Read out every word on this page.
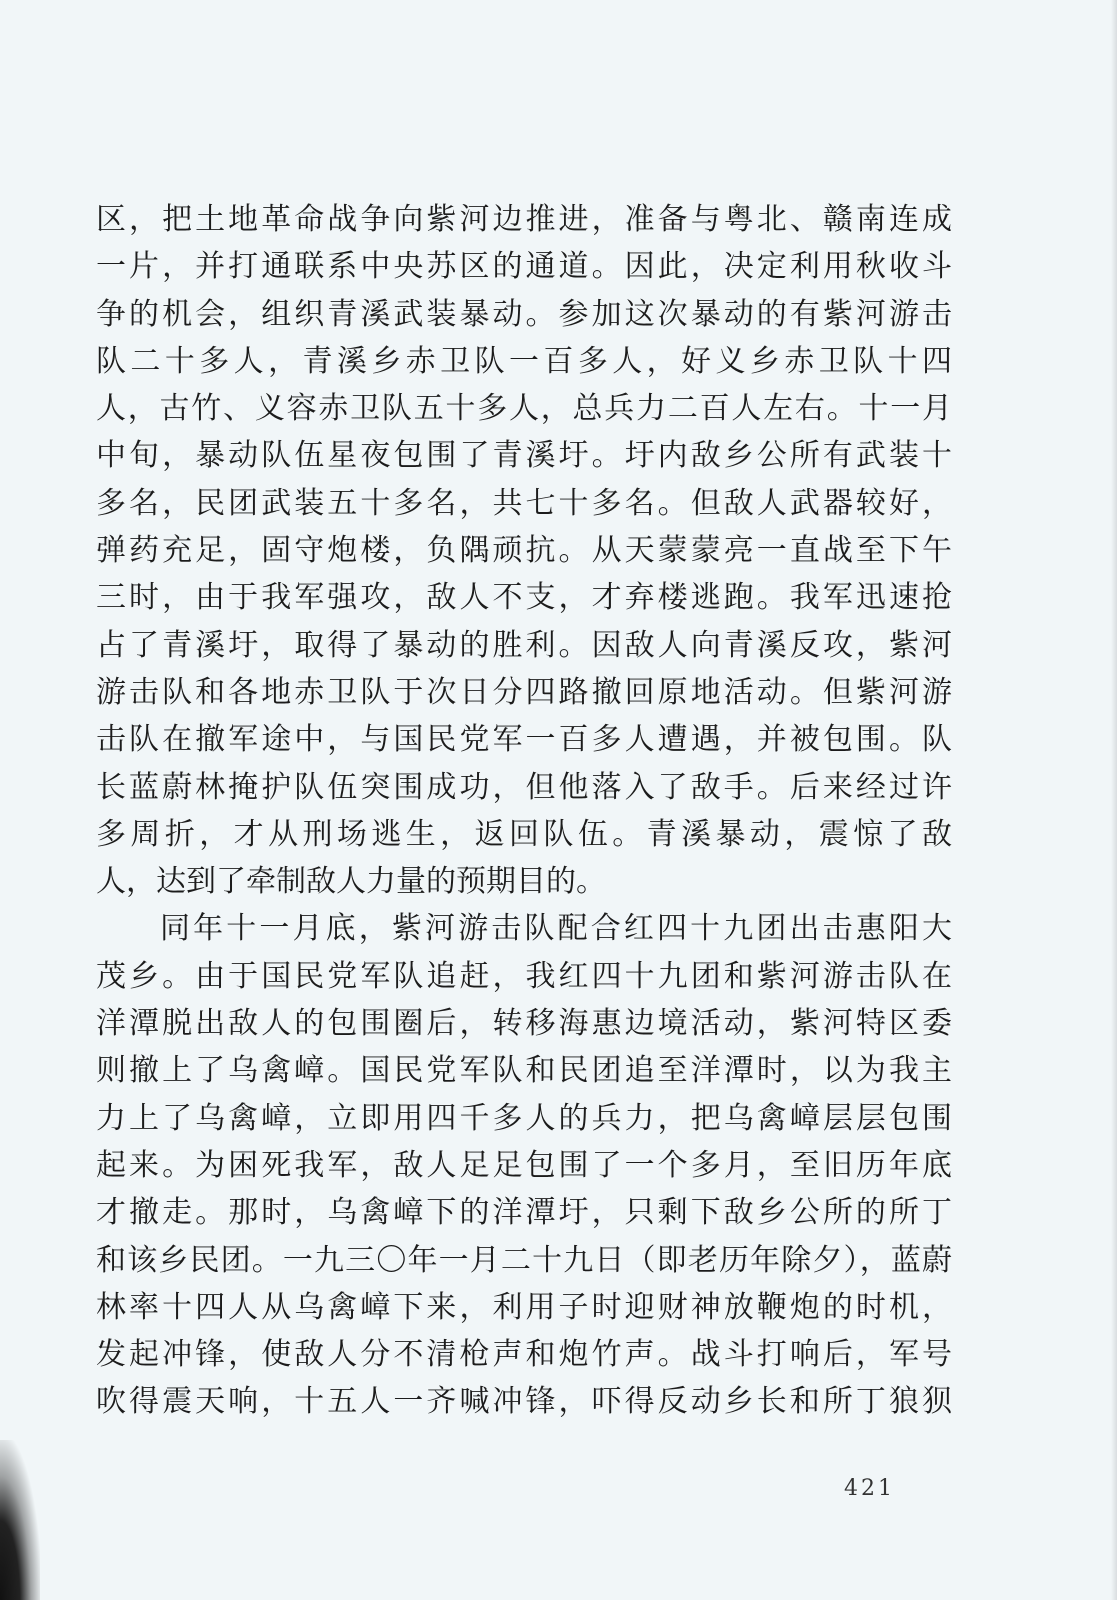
区，把土地革命战争向紫河边推进，准备与粤北、赣南连成
一片，并打通联系中央苏区的通道。因此，决定利用秋收斗
争的机会，组织青溪武装暴动。参加这次暴动的有紫河游击
队二十多人，青溪乡赤卫队一百多人，好义乡赤卫队十四
人，古竹、义容赤卫队五十多人，总兵力二百人左右。十一月
中旬，暴动队伍星夜包围了青溪圩。圩内敌乡公所有武装十
多名，民团武装五十多名，共七十多名。但敌人武器较好，
弹药充足，固守炮楼，负隅顽抗。从天蒙蒙亮一直战至下午
三时，由于我军强攻，敌人不支，才弃楼逃跑。我军迅速抢
占了青溪圩，取得了暴动的胜利。因敌人向青溪反攻，紫河
游击队和各地赤卫队于次日分四路撤回原地活动。但紫河游
击队在撤军途中，与国民党军一百多人遭遇，并被包围。队
长蓝蔚林掩护队伍突围成功，但他落入了敌手。后来经过许
多周折，才从刑场逃生，返回队伍。青溪暴动，震惊了敌
人，达到了牵制敌人力量的预期目的。
同年十一月底，紫河游击队配合红四十九团出击惠阳大
茂乡。由于国民党军队追赶，我红四十九团和紫河游击队在
洋潭脱出敌人的包围圈后，转移海惠边境活动，紫河特区委
则撤上了乌禽嶂。国民党军队和民团追至洋潭时，以为我主
力上了乌禽嶂，立即用四千多人的兵力，把乌禽嶂层层包围
起来。为困死我军，敌人足足包围了一个多月，至旧历年底
才撤走。那时，乌禽嶂下的洋潭圩，只剩下敌乡公所的所丁
和该乡民团。一九三〇年一月二十九日（即老历年除夕），蓝蔚
林率十四人从乌禽嶂下来，利用子时迎财神放鞭炮的时机，
发起冲锋，使敌人分不清枪声和炮竹声。战斗打响后，军号
吹得震天响，十五人一齐喊冲锋，吓得反动乡长和所丁狼狈
421
